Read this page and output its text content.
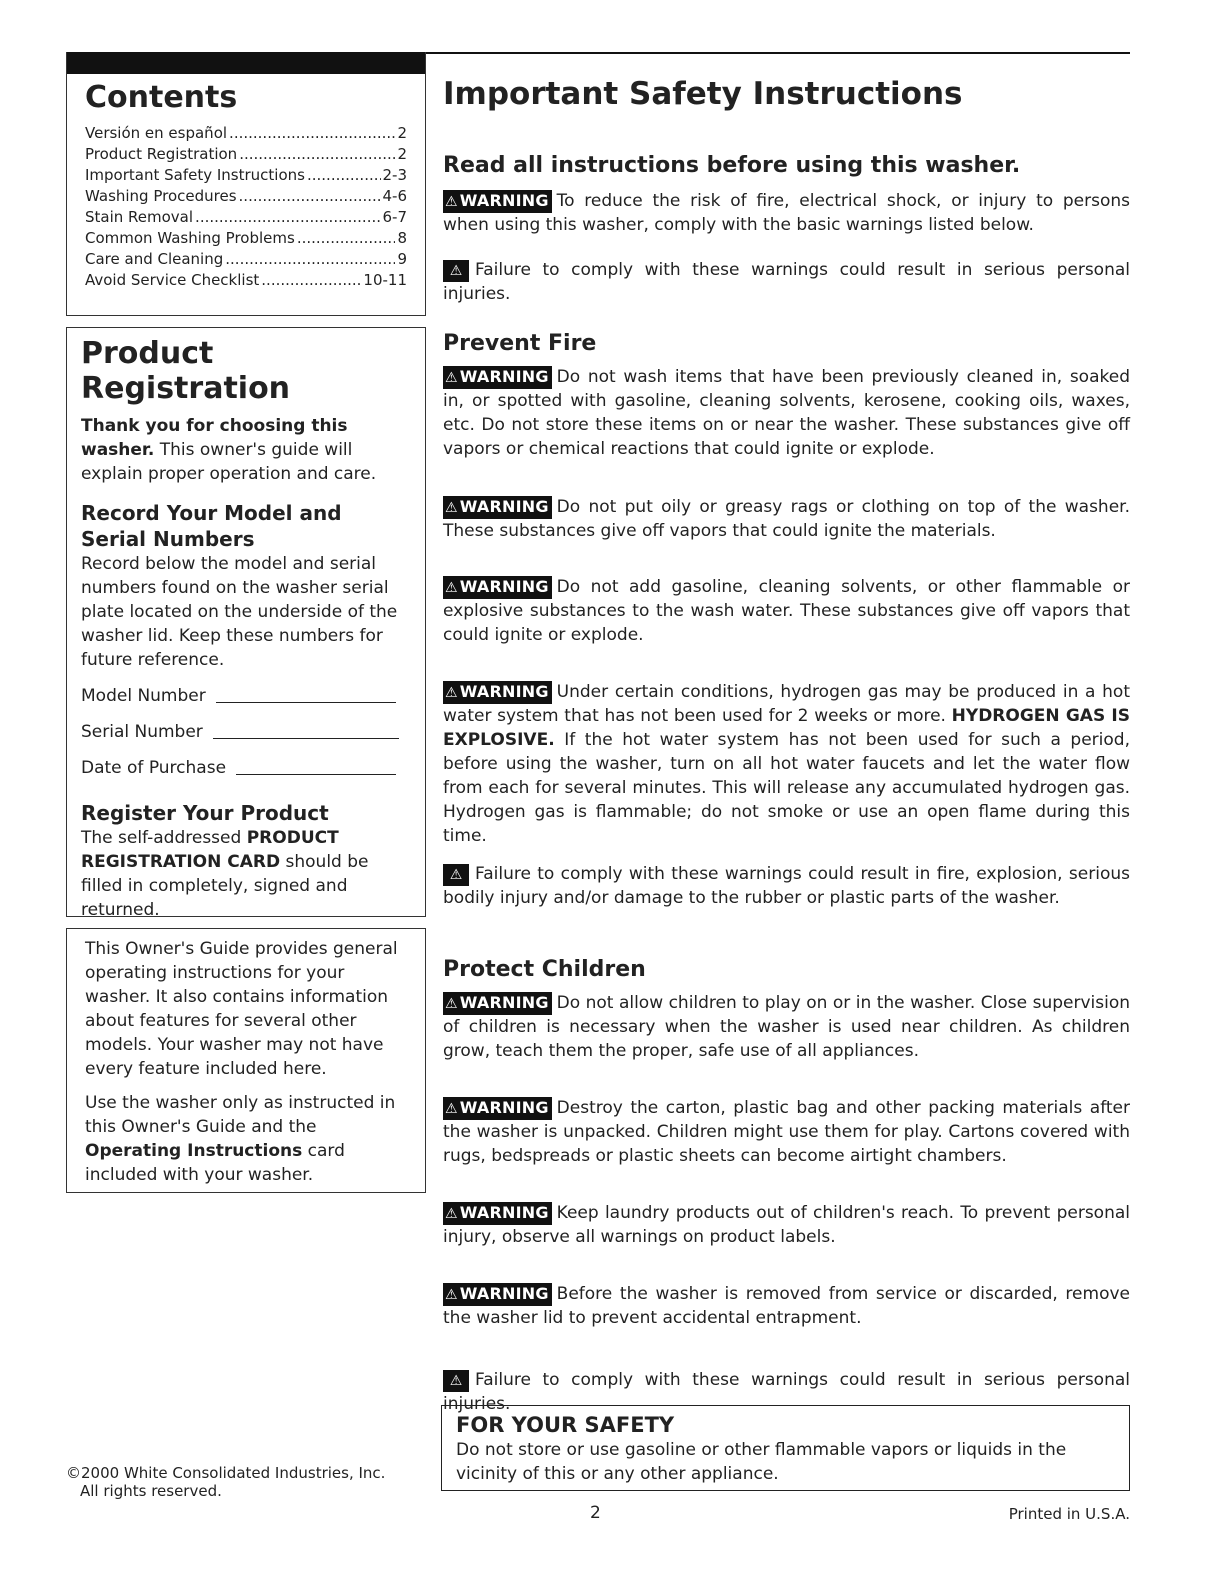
Contents
Versión en español .....	2
Product Registration .....	2
Important Safety Instructions .....	2-3
Washing Procedures .....	4-6
Stain Removal .....	6-7
Common Washing Problems .....	8
Care and Cleaning .....	9
Avoid Service Checklist .....	10-11
Product Registration

Thank you for choosing this washer. This owner's guide will explain proper operation and care.

Record Your Model and Serial Numbers

Record below the model and serial numbers found on the washer serial plate located on the underside of the washer lid. Keep these numbers for future reference.

Model Number
Serial Number
Date of Purchase
Register Your Product

The self-addressed PRODUCT REGISTRATION CARD should be filled in completely, signed and returned.

This Owner's Guide provides general operating instructions for your washer. It also contains information about features for several other models. Your washer may not have every feature included here.

Use the washer only as instructed in this Owner's Guide and the Operating Instructions card included with your washer.

©2000 White Consolidated Industries, Inc.
All rights reserved.
Important Safety Instructions
Read all instructions before using this washer.

⚠ WARNING To reduce the risk of fire, electrical shock, or injury to persons when using this washer, comply with the basic warnings listed below.

⚠ Failure to comply with these warnings could result in serious personal injuries.

Prevent Fire

⚠ WARNING Do not wash items that have been previously cleaned in, soaked in, or spotted with gasoline, cleaning solvents, kerosene, cooking oils, waxes, etc. Do not store these items on or near the washer. These substances give off vapors or chemical reactions that could ignite or explode.

⚠ WARNING Do not put oily or greasy rags or clothing on top of the washer. These substances give off vapors that could ignite the materials.

⚠ WARNING Do not add gasoline, cleaning solvents, or other flammable or explosive substances to the wash water. These substances give off vapors that could ignite or explode.

⚠ WARNING Under certain conditions, hydrogen gas may be produced in a hot water system that has not been used for 2 weeks or more. HYDROGEN GAS IS EXPLOSIVE. If the hot water system has not been used for such a period, before using the washer, turn on all hot water faucets and let the water flow from each for several minutes. This will release any accumulated hydrogen gas. Hydrogen gas is flammable; do not smoke or use an open flame during this time.

⚠ Failure to comply with these warnings could result in fire, explosion, serious bodily injury and/or damage to the rubber or plastic parts of the washer.

Protect Children

⚠ WARNING Do not allow children to play on or in the washer. Close supervision of children is necessary when the washer is used near children. As children grow, teach them the proper, safe use of all appliances.

⚠ WARNING Destroy the carton, plastic bag and other packing materials after the washer is unpacked. Children might use them for play. Cartons covered with rugs, bedspreads or plastic sheets can become airtight chambers.

⚠ WARNING Keep laundry products out of children's reach. To prevent personal injury, observe all warnings on product labels.

⚠ WARNING Before the washer is removed from service or discarded, remove the washer lid to prevent accidental entrapment.

⚠ Failure to comply with these warnings could result in serious personal injuries.

FOR YOUR SAFETY

Do not store or use gasoline or other flammable vapors or liquids in the vicinity of this or any other appliance.

2	Printed in U.S.A.
